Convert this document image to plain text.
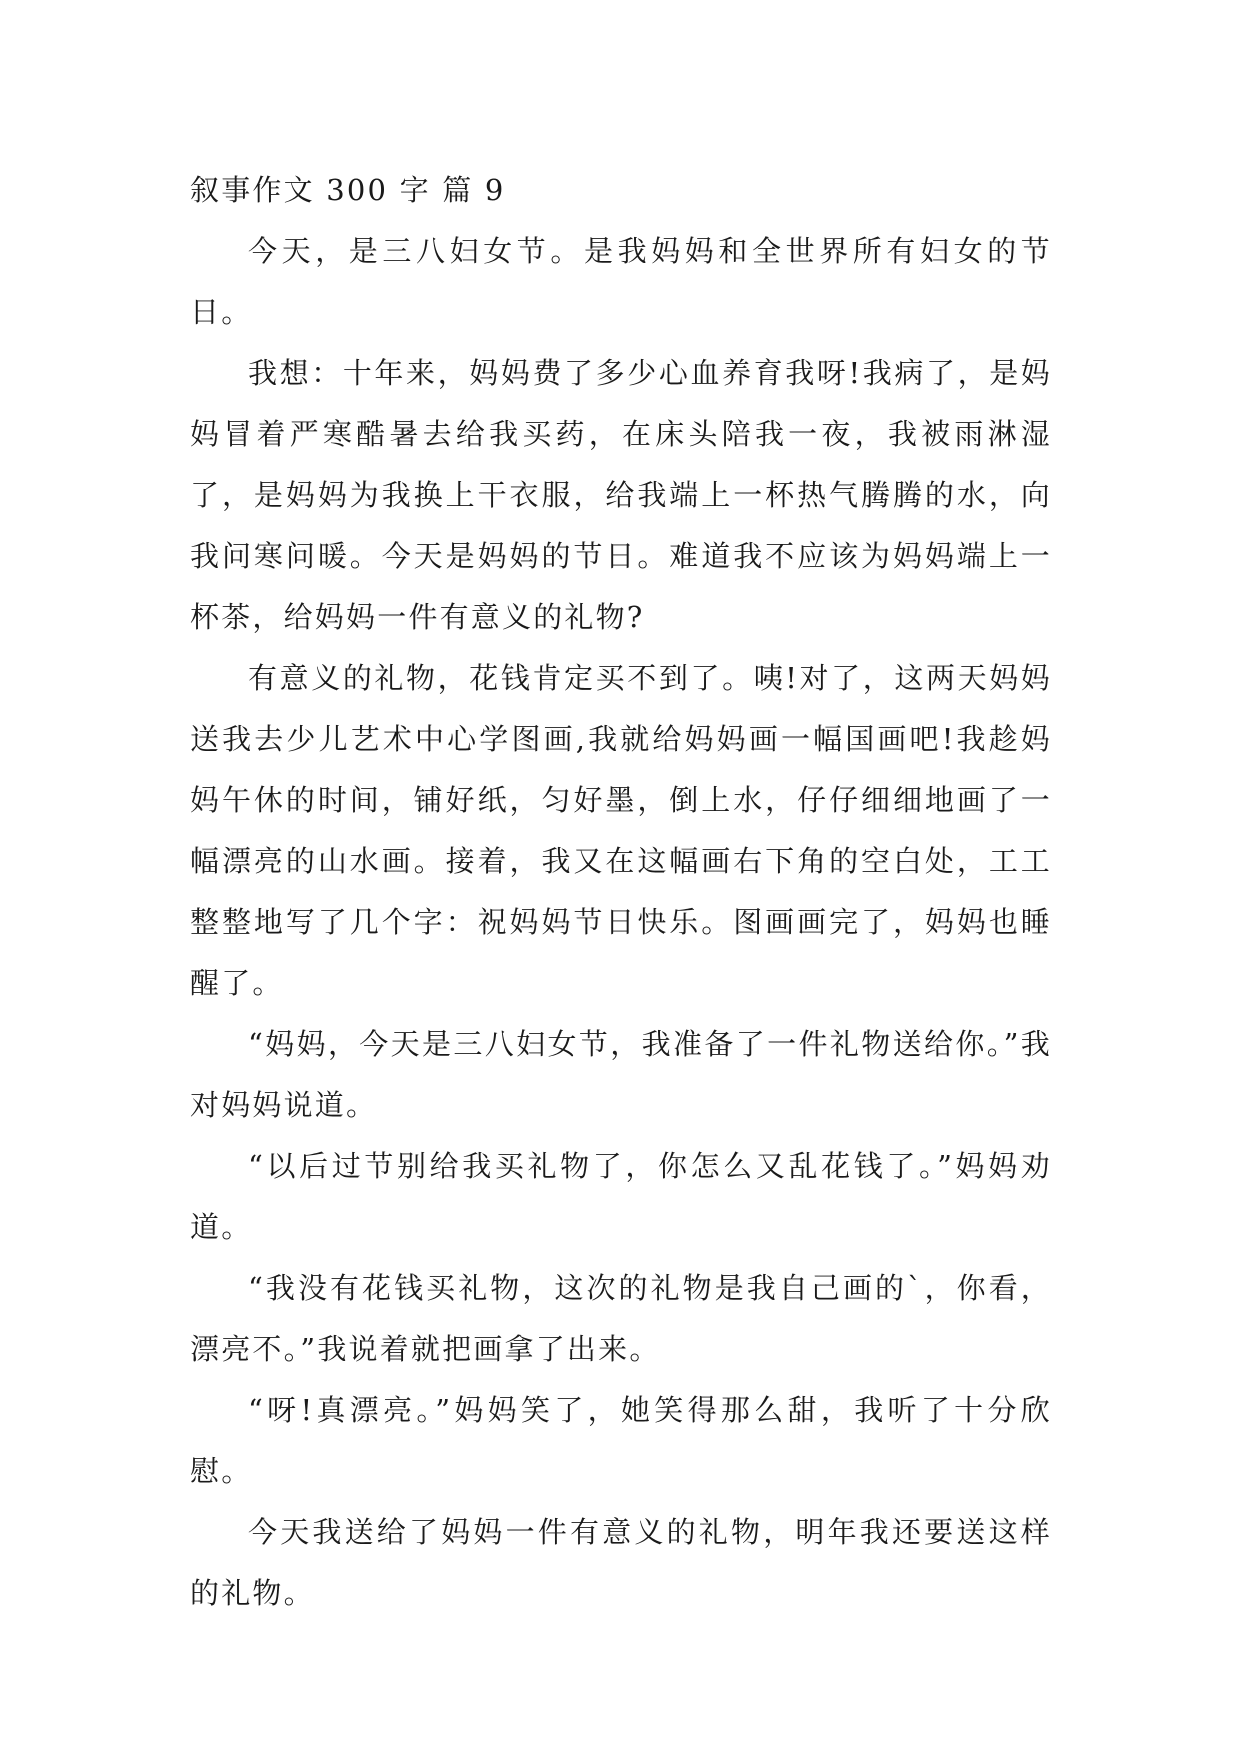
叙事作文 300 字 篇 9

今天，是三八妇女节。是我妈妈和全世界所有妇女的节日。

我想：十年来，妈妈费了多少心血养育我呀!我病了，是妈妈冒着严寒酷暑去给我买药，在床头陪我一夜，我被雨淋湿了，是妈妈为我换上干衣服，给我端上一杯热气腾腾的水，向我问寒问暖。今天是妈妈的节日。难道我不应该为妈妈端上一杯茶，给妈妈一件有意义的礼物?

有意义的礼物，花钱肯定买不到了。咦!对了，这两天妈妈送我去少儿艺术中心学图画,我就给妈妈画一幅国画吧!我趁妈妈午休的时间，铺好纸，匀好墨，倒上水，仔仔细细地画了一幅漂亮的山水画。接着，我又在这幅画右下角的空白处，工工整整地写了几个字：祝妈妈节日快乐。图画画完了，妈妈也睡醒了。

“妈妈，今天是三八妇女节，我准备了一件礼物送给你。”我对妈妈说道。

“以后过节别给我买礼物了，你怎么又乱花钱了。”妈妈劝道。

“我没有花钱买礼物，这次的礼物是我自己画的`，你看，漂亮不。”我说着就把画拿了出来。

“呀!真漂亮。”妈妈笑了，她笑得那么甜，我听了十分欣慰。

今天我送给了妈妈一件有意义的礼物，明年我还要送这样的礼物。
